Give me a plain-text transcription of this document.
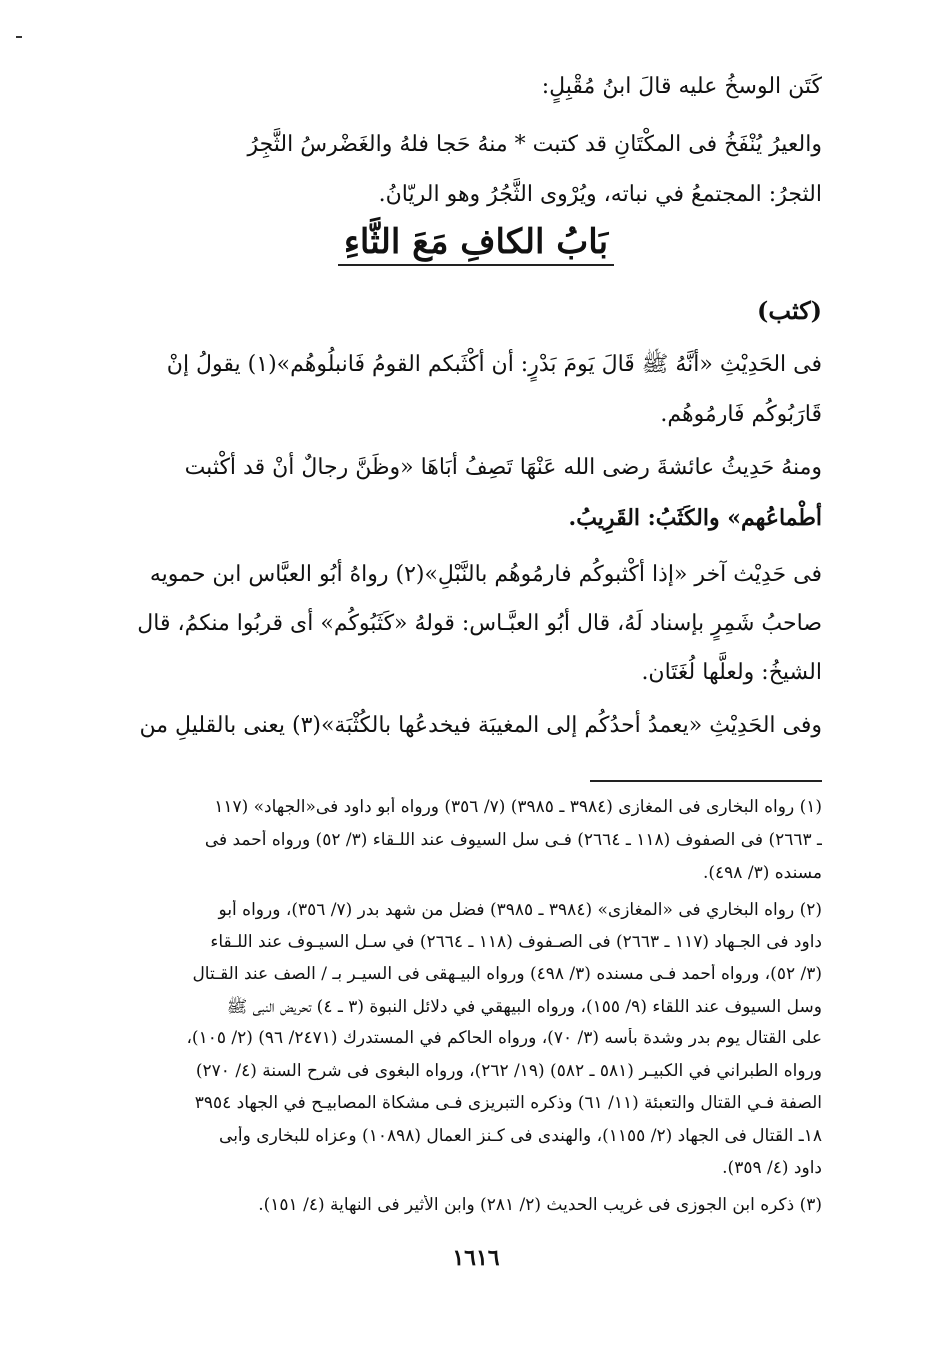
كَتَن الوسخُ عليه قالَ ابنُ مُقْبِلٍ:
والعيرُ يُنْفَخُ فى المكْتَانِ قد كتبت * منهُ حَجا فلهُ والغَضْرسُ الثَّجِرُ
الثجرُ: المجتمعُ في نباته، ويُرْوى الثَّجُرُ وهو الريّانُ.
بَابُ الكافِ مَعَ الثَّاءِ
(كثب)
فى الحَدِيْثِ «أنَّهُ ﷺ قَالَ يَومَ بَدْرٍ: أن أكْثَبكم القومُ فَانبلُوهُم»(١) يقولُ إنْ
قَارَبُوكُم فَارمُوهُم.
ومنهُ حَدِيثُ عائشةَ رضى الله عَنْهَا تَصِفُ أبَاهَا «وظَنَّ رجالٌ أنْ قد أكْثبت
أطْماعُهم» والكَثَبُ: القَرِيبُ.
فى حَدِيْث آخر «إذا أكْثبوكُم فارمُوهُم بالنَّبْلِ»(٢) رواهُ أبُو العبَّاس ابن حمويه
صاحبُ شَمِرٍ بإسناد لَهُ، قال أبُو العبَّـاس: قولهُ «كَثَبُوكُم» أى قربُوا منكمُ، قال
الشيخُ: ولعلَّها لُغَتَان.
وفى الحَدِيْثِ «يعمدُ أحدُكُم إلى المغيبَة فيخدعُها بالكُثْبَة»(٣) يعنى بالقليلِ من
(١) رواه البخارى فى المغازى (٣٩٨٤ ـ ٣٩٨٥) (٧/ ٣٥٦) ورواه أبو داود فى«الجهاد» (١١٧
ـ ٢٦٦٣) فى الصفوف (١١٨ ـ ٢٦٦٤) فـى سل السيوف عند اللـقاء (٣/ ٥٢) ورواه أحمد فى
مسنده (٣/ ٤٩٨).
(٢) رواه البخاري فى «المغازى» (٣٩٨٤ ـ ٣٩٨٥) فضل من شهد بدر (٧/ ٣٥٦)، ورواه أبو
داود فى الجـهاد (١١٧ ـ ٢٦٦٣) فى الصـفوف (١١٨ ـ ٢٦٦٤) في سـل السيـوف عند اللـقاء
(٣/ ٥٢)، ورواه أحمد فـى مسنده (٣/ ٤٩٨) ورواه البيـهقى فى السيـر بـ / الصف عند القـتال
وسل السيوف عند اللقاء (٩/ ١٥٥)، ورواه البيهقي في دلائل النبوة (٣ ـ ٤) تحريض النبى ﷺ
على القتال يوم بدر وشدة بأسه (٣/ ٧٠)، ورواه الحاكم في المستدرك (٢٤٧١/ ٩٦) (٢/ ١٠٥)،
ورواه الطبراني في الكبيـر (٥٨١ ـ ٥٨٢) (١٩/ ٢٦٢)، ورواه البغوى فى شرح السنة (٤/ ٢٧٠)
الصفة فـي القتال والتعبئة (١١/ ٦١) وذكره التبريزى فـى مشكاة المصابيـح في الجهاد ٣٩٥٤
١٨ـ القتال فى الجهاد (٢/ ١١٥٥)، والهندى فى كـنز العمال (١٠٨٩٨) وعزاه للبخارى وأبى
داود (٤/ ٣٥٩).
(٣) ذكره ابن الجوزى فى غريب الحديث (٢/ ٢٨١) وابن الأثير فى النهاية (٤/ ١٥١).
١٦١٦
